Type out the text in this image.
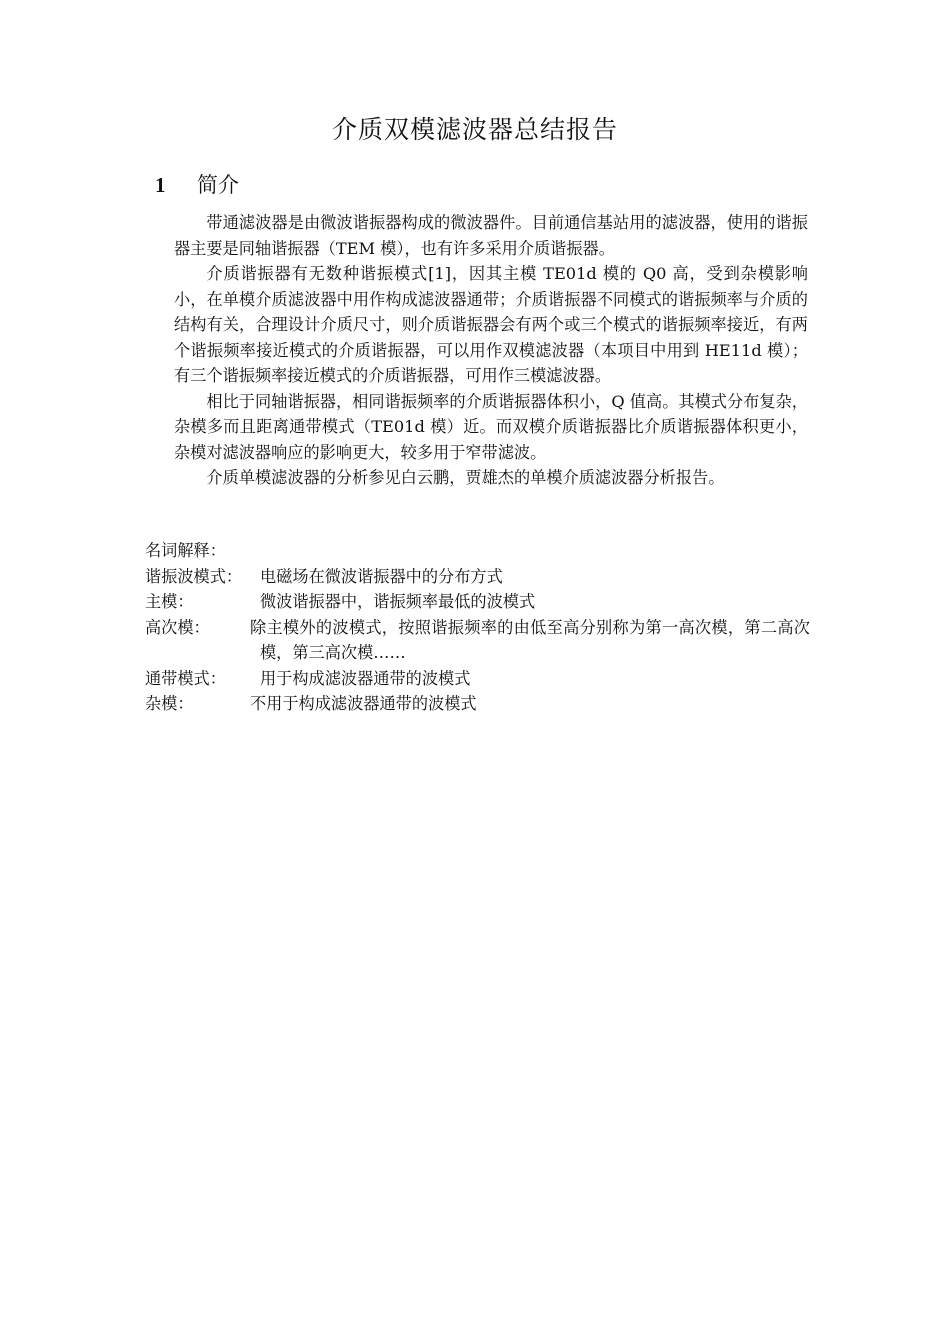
介质双模滤波器总结报告
1 简介

带通滤波器是由微波谐振器构成的微波器件。目前通信基站用的滤波器，使用的谐振器主要是同轴谐振器（TEM 模），也有许多采用介质谐振器。

介质谐振器有无数种谐振模式[1]，因其主模 TE01d 模的 Q0 高，受到杂模影响小，在单模介质滤波器中用作构成滤波器通带；介质谐振器不同模式的谐振频率与介质的结构有关，合理设计介质尺寸，则介质谐振器会有两个或三个模式的谐振频率接近，有两个谐振频率接近模式的介质谐振器，可以用作双模滤波器（本项目中用到 HE11d 模）；有三个谐振频率接近模式的介质谐振器，可用作三模滤波器。

相比于同轴谐振器，相同谐振频率的介质谐振器体积小，Q 值高。其模式分布复杂，杂模多而且距离通带模式（TE01d 模）近。而双模介质谐振器比介质谐振器体积更小，杂模对滤波器响应的影响更大，较多用于窄带滤波。

介质单模滤波器的分析参见白云鹏，贾雄杰的单模介质滤波器分析报告。

名词解释：

谐振波模式： 电磁场在微波谐振器中的分布方式
主模：	微波谐振器中，谐振频率最低的波模式
高次模： 除主模外的波模式，按照谐振频率的由低至高分别称为第一高次模，第二高次模，第三高次模……
通带模式： 用于构成滤波器通带的波模式
杂模：	不用于构成滤波器通带的波模式
